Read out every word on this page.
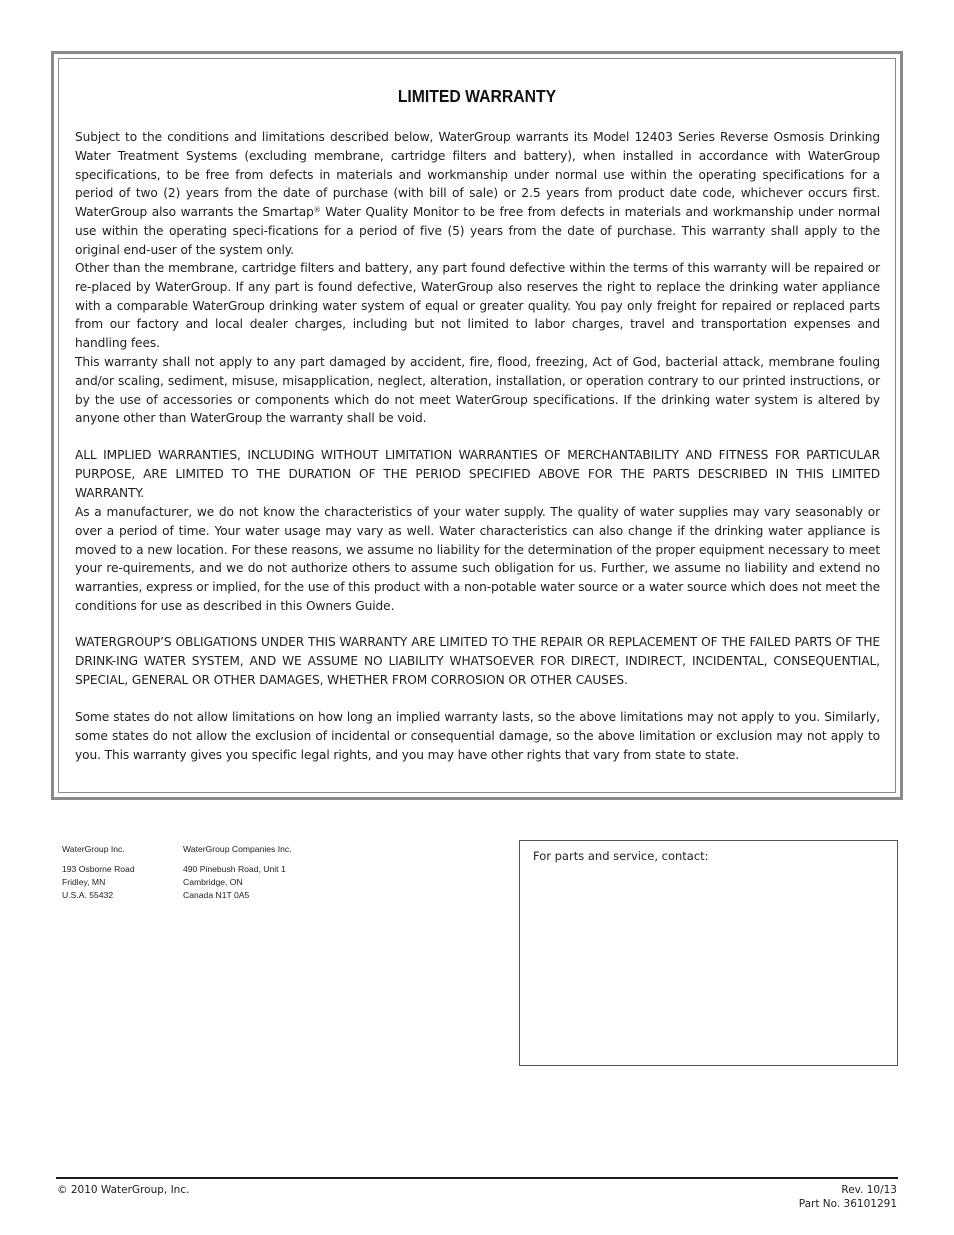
LIMITED WARRANTY

Subject to the conditions and limitations described below, WaterGroup warrants its Model 12403 Series Reverse Osmosis Drinking Water Treatment Systems (excluding membrane, cartridge filters and battery), when installed in accordance with WaterGroup specifications, to be free from defects in materials and workmanship under normal use within the operating specifications for a period of two (2) years from the date of purchase (with bill of sale) or 2.5 years from product date code, whichever occurs first. WaterGroup also warrants the Smartap® Water Quality Monitor to be free from defects in materials and workmanship under normal use within the operating speci-fications for a period of five (5) years from the date of purchase. This warranty shall apply to the original end-user of the system only.

Other than the membrane, cartridge filters and battery, any part found defective within the terms of this warranty will be repaired or re-placed by WaterGroup. If any part is found defective, WaterGroup also reserves the right to replace the drinking water appliance with a comparable WaterGroup drinking water system of equal or greater quality. You pay only freight for repaired or replaced parts from our factory and local dealer charges, including but not limited to labor charges, travel and transportation expenses and handling fees.

This warranty shall not apply to any part damaged by accident, fire, flood, freezing, Act of God, bacterial attack, membrane fouling and/or scaling, sediment, misuse, misapplication, neglect, alteration, installation, or operation contrary to our printed instructions, or by the use of accessories or components which do not meet WaterGroup specifications. If the drinking water system is altered by anyone other than WaterGroup the warranty shall be void.

ALL IMPLIED WARRANTIES, INCLUDING WITHOUT LIMITATION WARRANTIES OF MERCHANTABILITY AND FITNESS FOR PARTICULAR PURPOSE, ARE LIMITED TO THE DURATION OF THE PERIOD SPECIFIED ABOVE FOR THE PARTS DESCRIBED IN THIS LIMITED WARRANTY.

As a manufacturer, we do not know the characteristics of your water supply. The quality of water supplies may vary seasonably or over a period of time. Your water usage may vary as well. Water characteristics can also change if the drinking water appliance is moved to a new location. For these reasons, we assume no liability for the determination of the proper equipment necessary to meet your re-quirements, and we do not authorize others to assume such obligation for us. Further, we assume no liability and extend no warranties, express or implied, for the use of this product with a non-potable water source or a water source which does not meet the conditions for use as described in this Owners Guide.

WATERGROUP’S OBLIGATIONS UNDER THIS WARRANTY ARE LIMITED TO THE REPAIR OR REPLACEMENT OF THE FAILED PARTS OF THE DRINK-ING WATER SYSTEM, AND WE ASSUME NO LIABILITY WHATSOEVER FOR DIRECT, INDIRECT, INCIDENTAL, CONSEQUENTIAL, SPECIAL, GENERAL OR OTHER DAMAGES, WHETHER FROM CORROSION OR OTHER CAUSES.

Some states do not allow limitations on how long an implied warranty lasts, so the above limitations may not apply to you. Similarly, some states do not allow the exclusion of incidental or consequential damage, so the above limitation or exclusion may not apply to you. This warranty gives you specific legal rights, and you may have other rights that vary from state to state.

WaterGroup Inc.
193 Osborne Road
Fridley, MN
U.S.A. 55432
WaterGroup Companies Inc.
490 Pinebush Road, Unit 1
Cambridge, ON
Canada N1T 0A5
For parts and service, contact:
© 2010 WaterGroup, Inc.	Rev. 10/13
Part No. 36101291
